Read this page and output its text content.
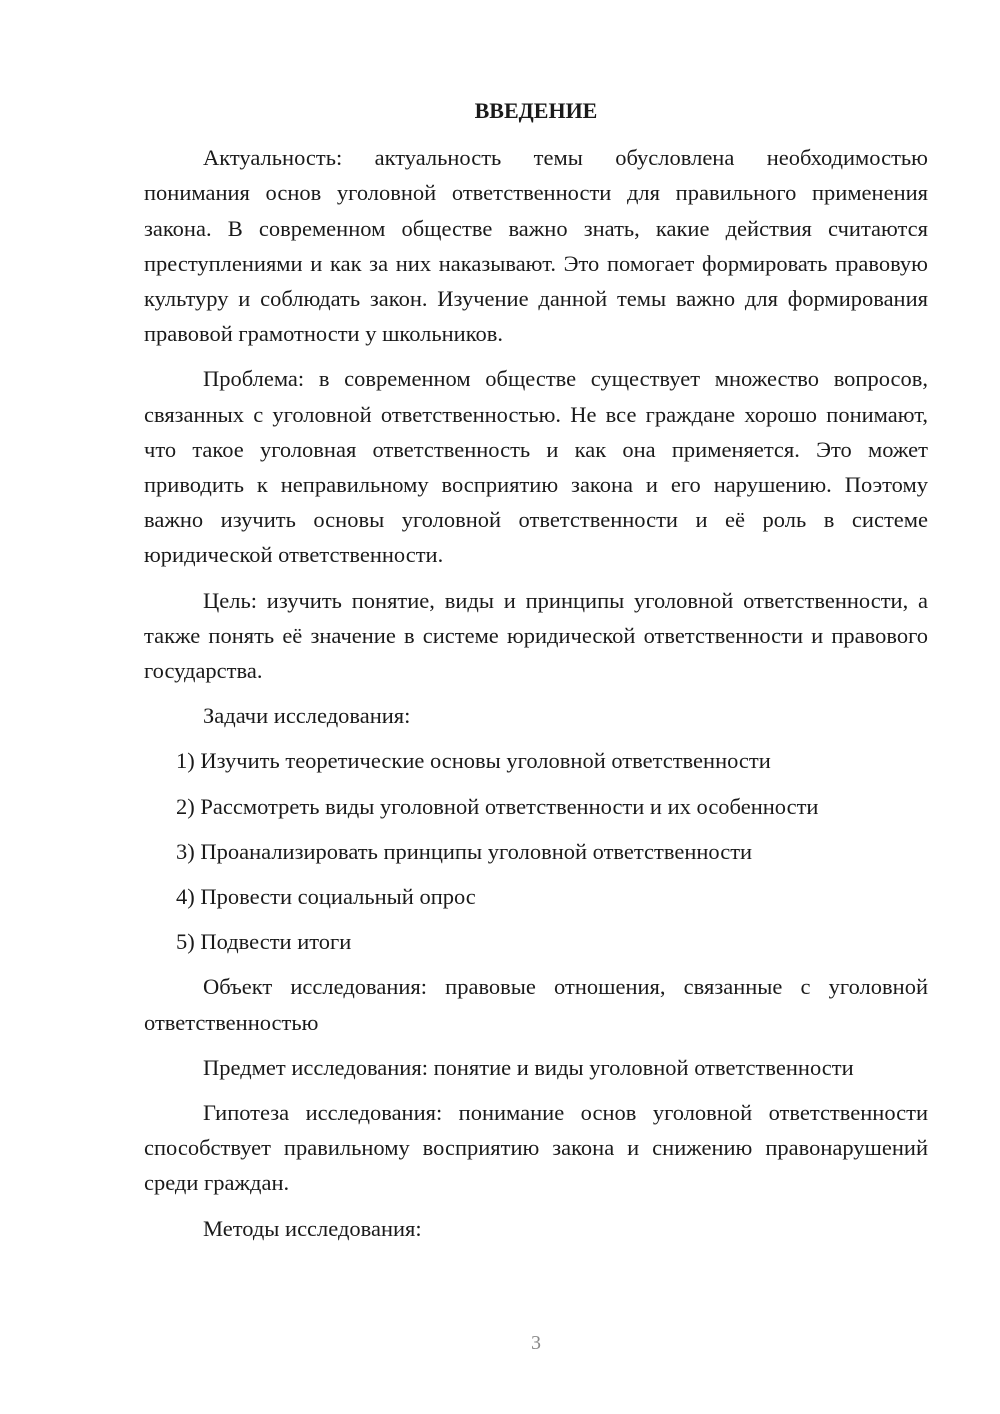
ВВЕДЕНИЕ

Актуальность: актуальность темы обусловлена необходимостью понимания основ уголовной ответственности для правильного применения закона. В современном обществе важно знать, какие действия считаются преступлениями и как за них наказывают. Это помогает формировать правовую культуру и соблюдать закон. Изучение данной темы важно для формирования правовой грамотности у школьников.

Проблема: в современном обществе существует множество вопросов, связанных с уголовной ответственностью. Не все граждане хорошо понимают, что такое уголовная ответственность и как она применяется. Это может приводить к неправильному восприятию закона и его нарушению. Поэтому важно изучить основы уголовной ответственности и её роль в системе юридической ответственности.

Цель: изучить понятие, виды и принципы уголовной ответственности, а также понять её значение в системе юридической ответственности и правового государства.

Задачи исследования:

1) Изучить теоретические основы уголовной ответственности

2) Рассмотреть виды уголовной ответственности и их особенности

3) Проанализировать принципы уголовной ответственности

4) Провести социальный опрос

5) Подвести итоги

Объект исследования: правовые отношения, связанные с уголовной ответственностью

Предмет исследования: понятие и виды уголовной ответственности

Гипотеза исследования: понимание основ уголовной ответственности способствует правильному восприятию закона и снижению правонарушений среди граждан.

Методы исследования:

3
